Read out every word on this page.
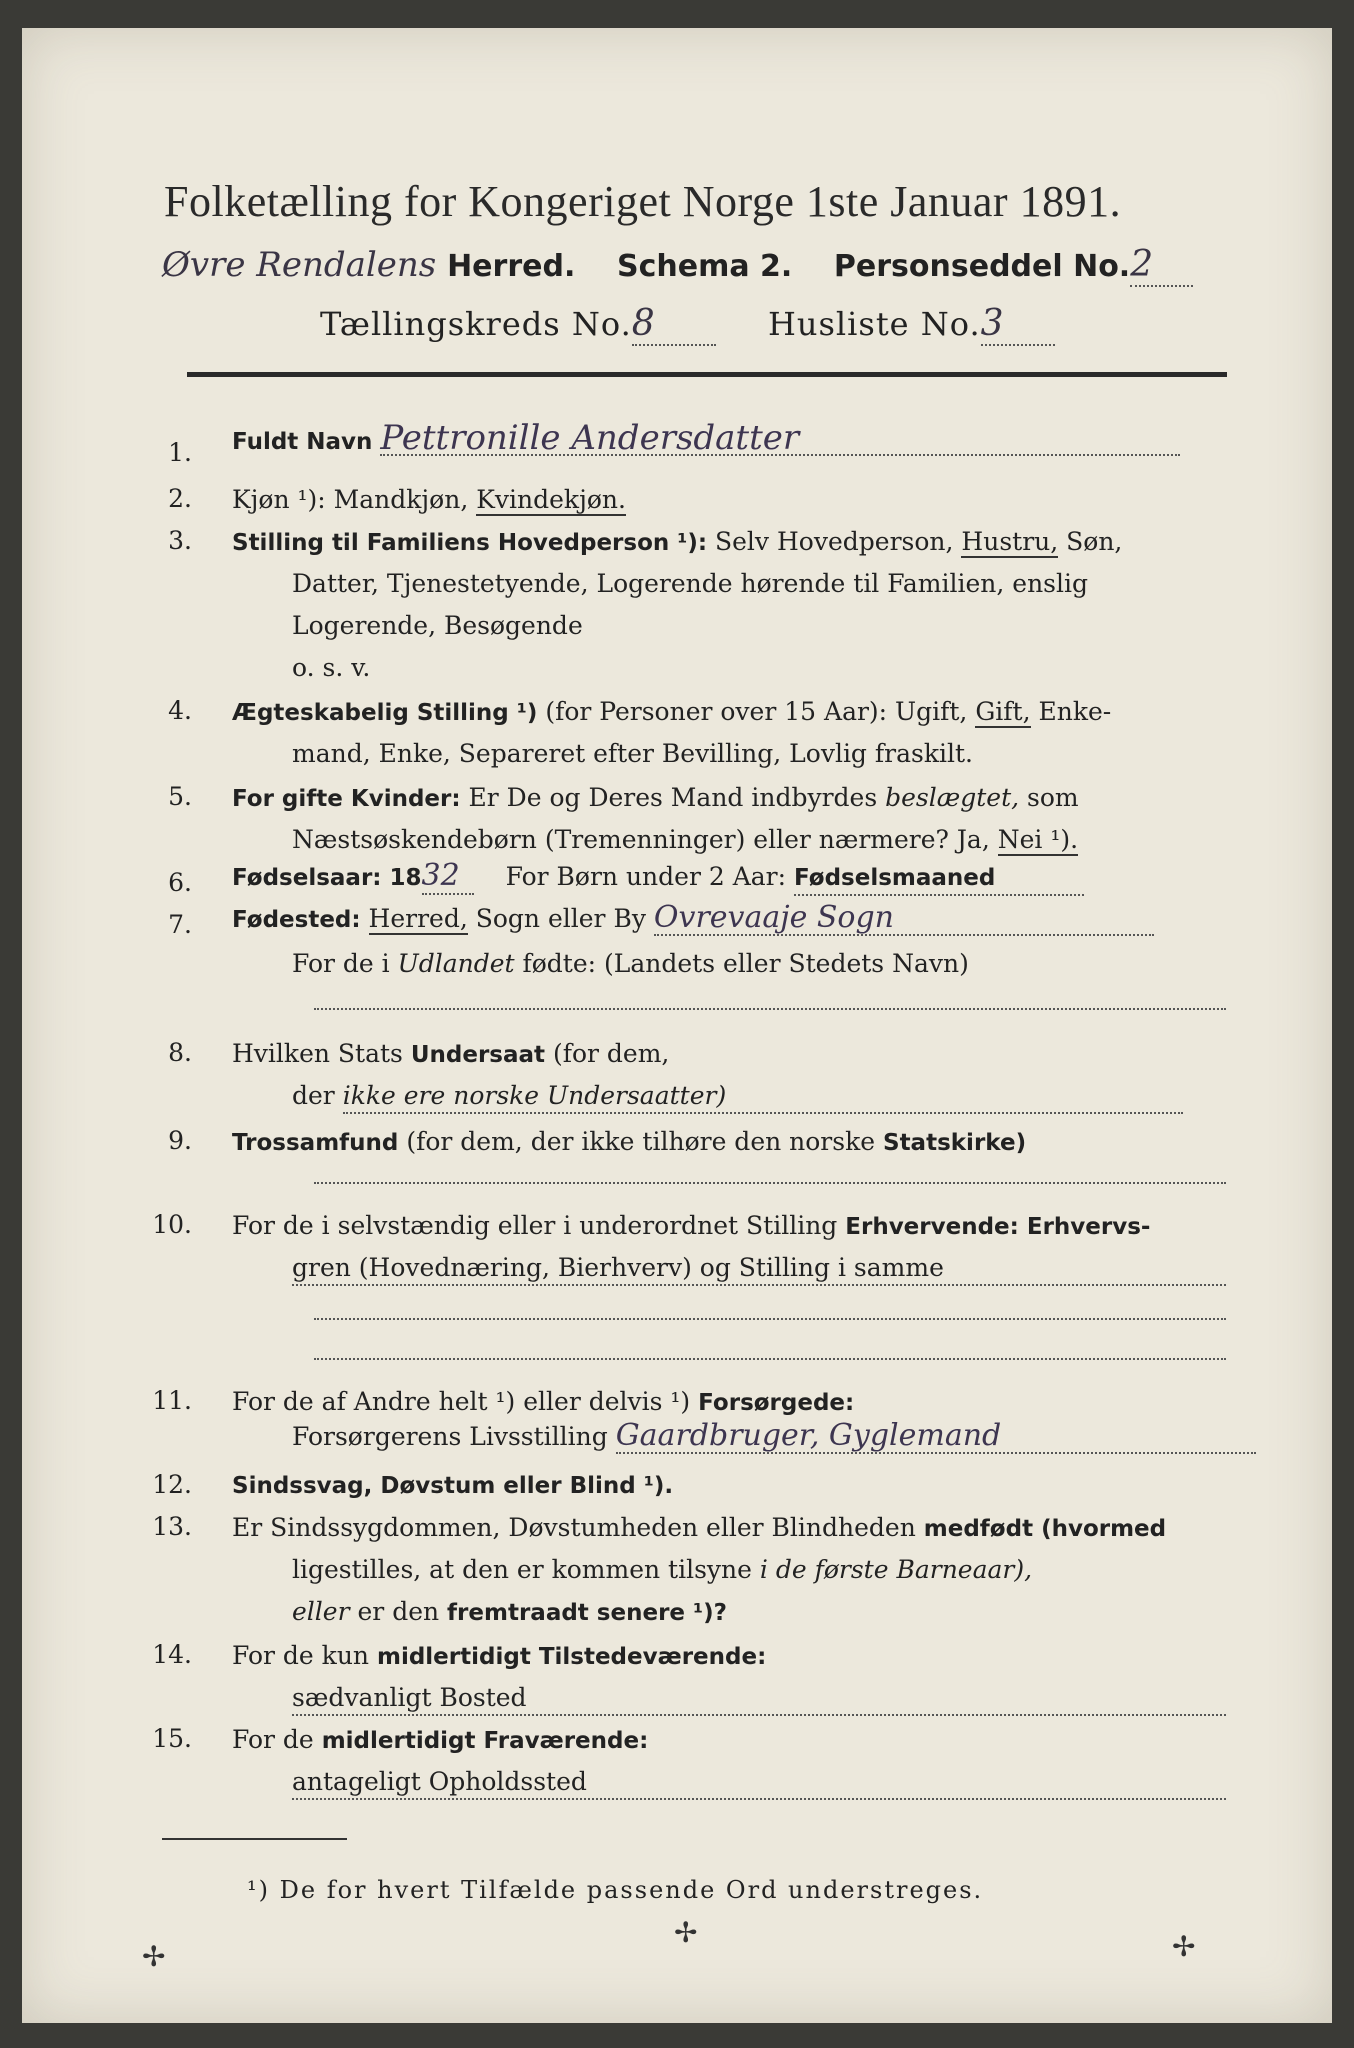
Folketælling for Kongeriget Norge 1ste Januar 1891.
Øvre Rendalens Herred. Schema 2. Personseddel No.2
Tællingskreds No.8	Husliste No.3
1. Fuldt Navn Pettronille Andersdatter
2. Kjøn ¹): Mandkjøn, Kvindekjøn.
3. Stilling til Familiens Hovedperson ¹): Selv Hovedperson, Hustru, Søn,
Datter, Tjenestetyende, Logerende hørende til Familien, enslig
Logerende, Besøgende
o. s. v.
4. Ægteskabelig Stilling ¹) (for Personer over 15 Aar): Ugift, Gift, Enke-
mand, Enke, Separeret efter Bevilling, Lovlig fraskilt.
5. For gifte Kvinder: Er De og Deres Mand indbyrdes beslægtet, som
Næstsøskendebørn (Tremenninger) eller nærmere? Ja, Nei ¹).
6. Fødselsaar: 1832 For Børn under 2 Aar: Fødselsmaaned
7. Fødested: Herred, Sogn eller By Ovrevaaje Sogn
For de i Udlandet fødte: (Landets eller Stedets Navn)
8. Hvilken Stats Undersaat (for dem,
der ikke ere norske Undersaatter)
9. Trossamfund (for dem, der ikke tilhøre den norske Statskirke)
10. For de i selvstændig eller i underordnet Stilling Erhvervende: Erhvervs-
gren (Hovednæring, Bierhverv) og Stilling i samme
11. For de af Andre helt ¹) eller delvis ¹) Forsørgede:
Forsørgerens Livsstilling Gaardbruger, Gyglemand
12. Sindssvag, Døvstum eller Blind ¹).
13. Er Sindssygdommen, Døvstumheden eller Blindheden medfødt (hvormed
ligestilles, at den er kommen tilsyne i de første Barneaar),
eller er den fremtraadt senere ¹)?
14. For de kun midlertidigt Tilstedeværende:
sædvanligt Bosted
15. For de midlertidigt Fraværende:
antageligt Opholdssted
¹) De for hvert Tilfælde passende Ord understreges.
✢
✢	✢
